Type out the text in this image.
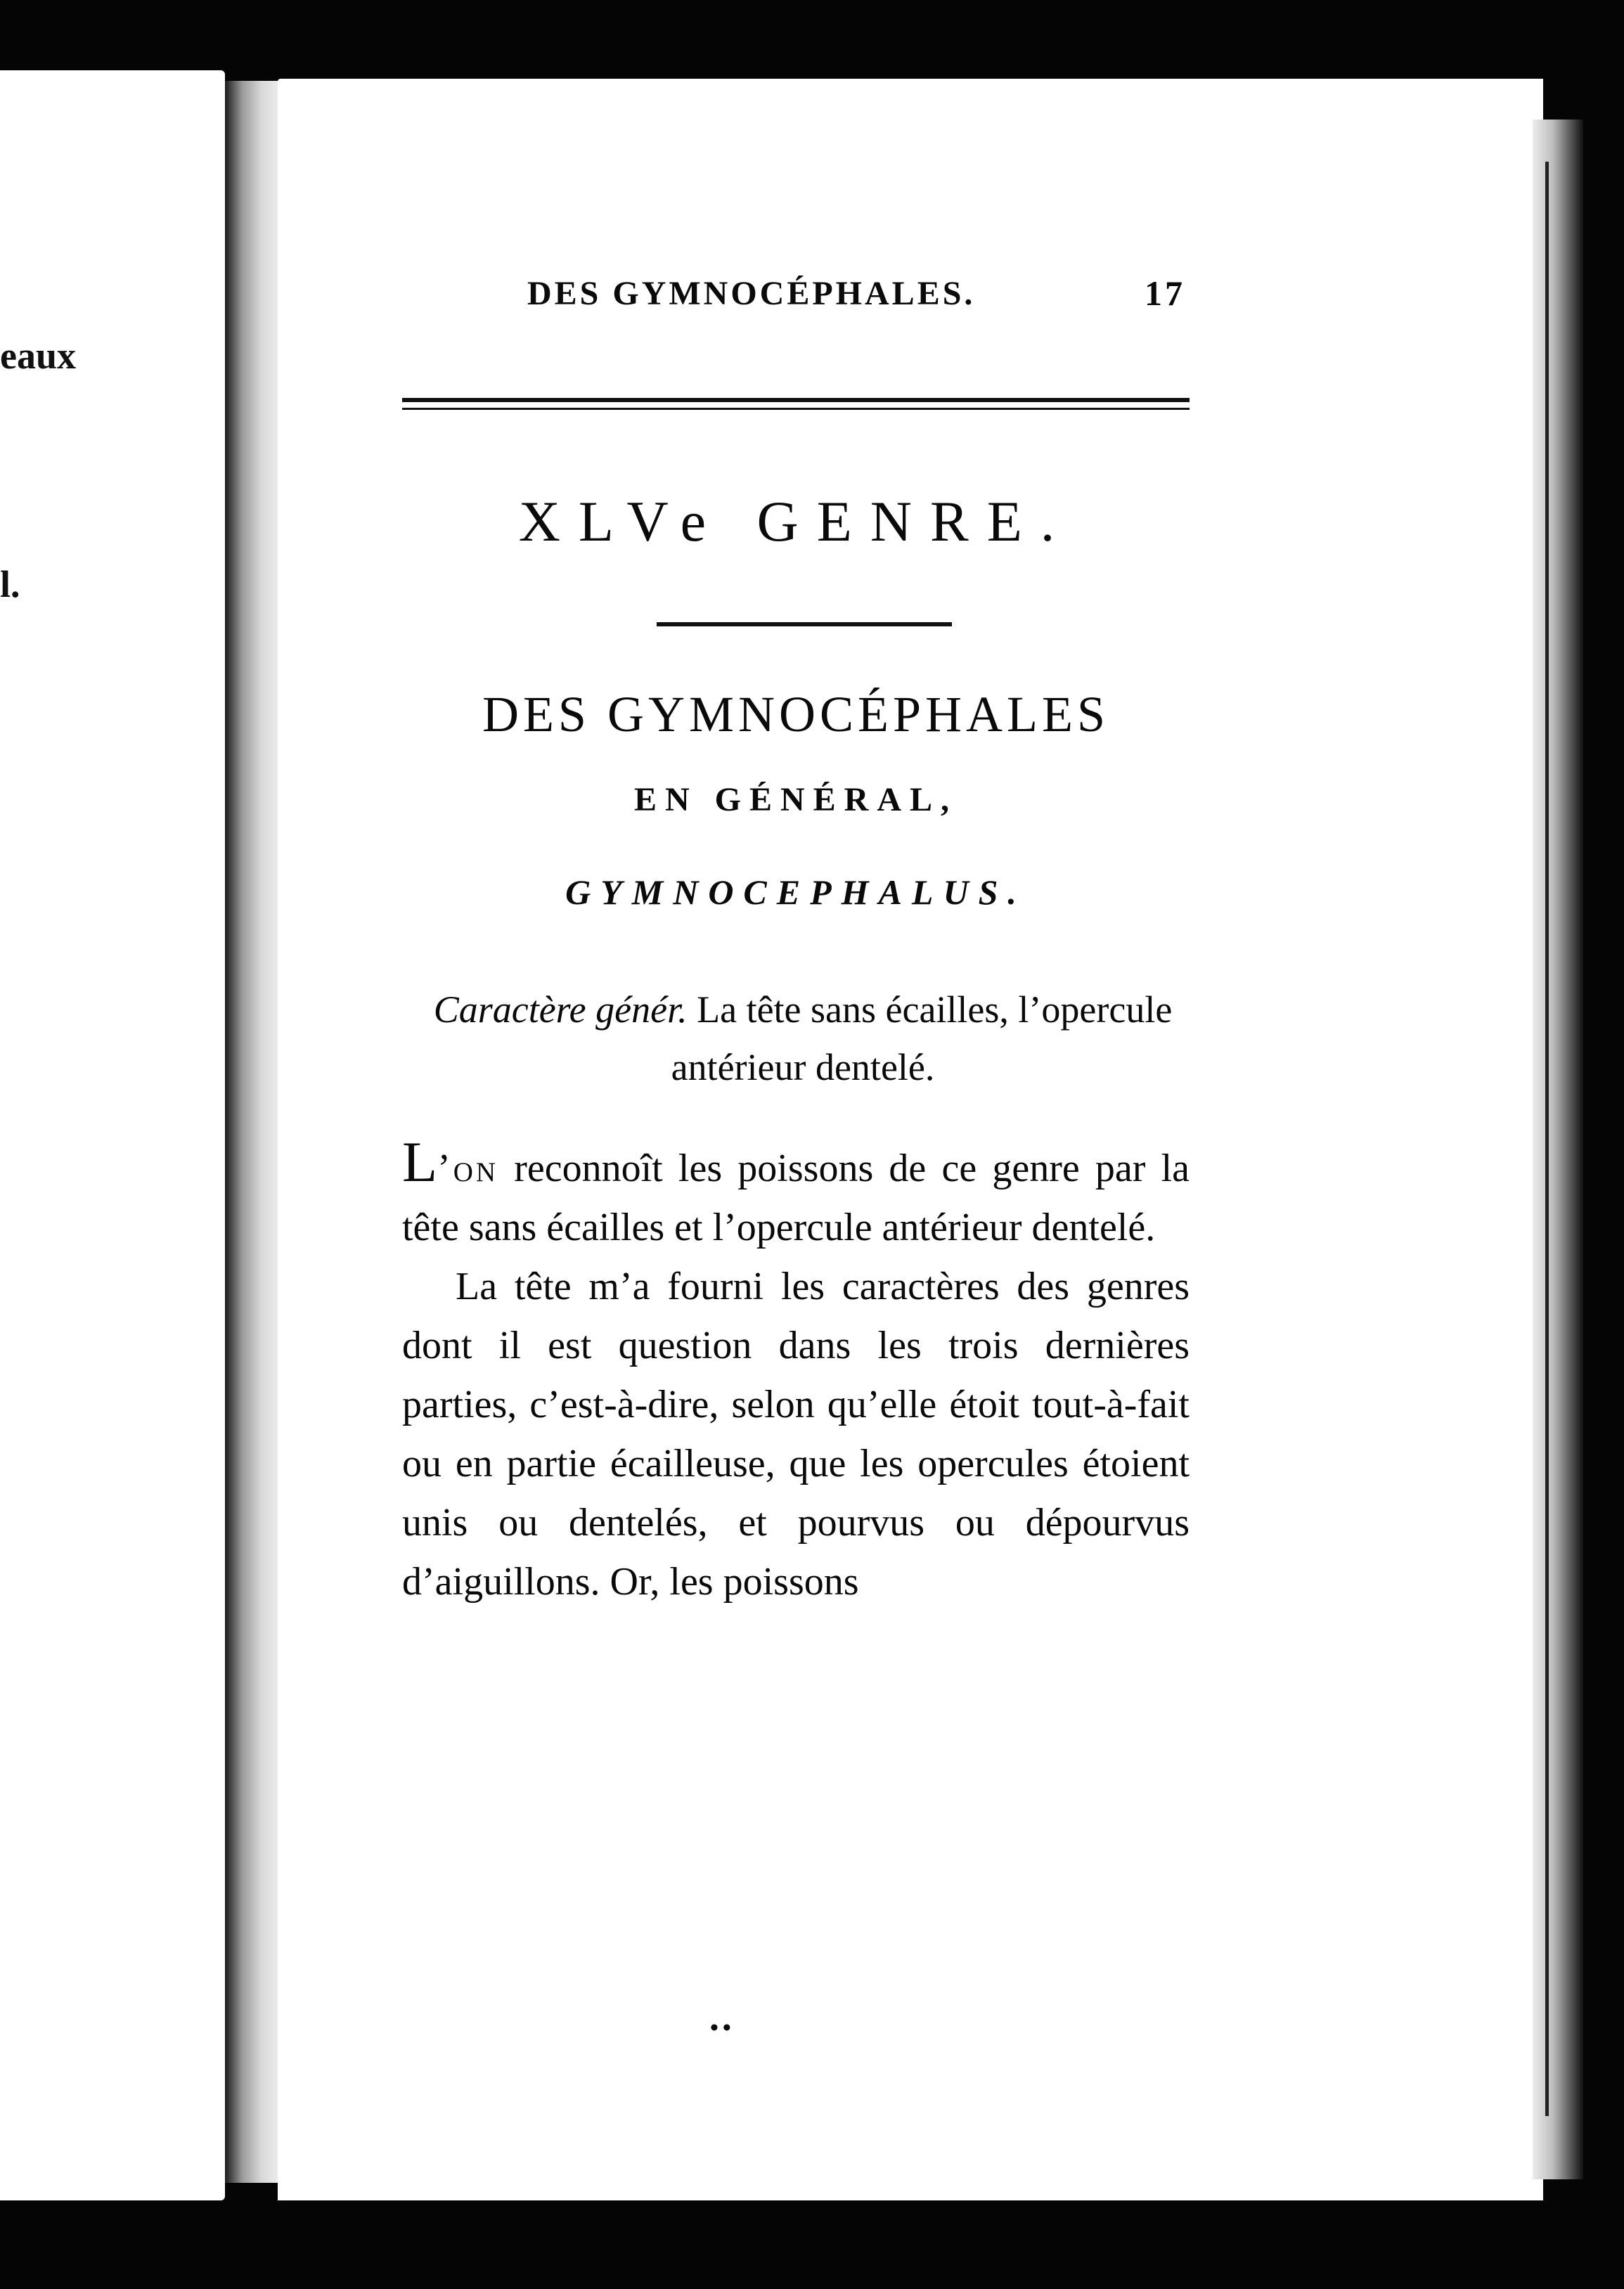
eaux
l.
DES GYMNOCÉPHALES.	17
XLVe GENRE.
DES GYMNOCÉPHALES
EN GÉNÉRAL,
GYMNOCEPHALUS.
Caractère génér. La tête sans écailles, l’opercule antérieur dentelé.

L’on reconnoît les poissons de ce genre par la tête sans écailles et l’opercule antérieur dentelé.

La tête m’a fourni les caractères des genres dont il est question dans les trois dernières parties, c’est-à-dire, selon qu’elle étoit tout-à-fait ou en partie écailleuse, que les opercules étoient unis ou dentelés, et pourvus ou dépourvus d’aiguillons. Or, les poissons

••
